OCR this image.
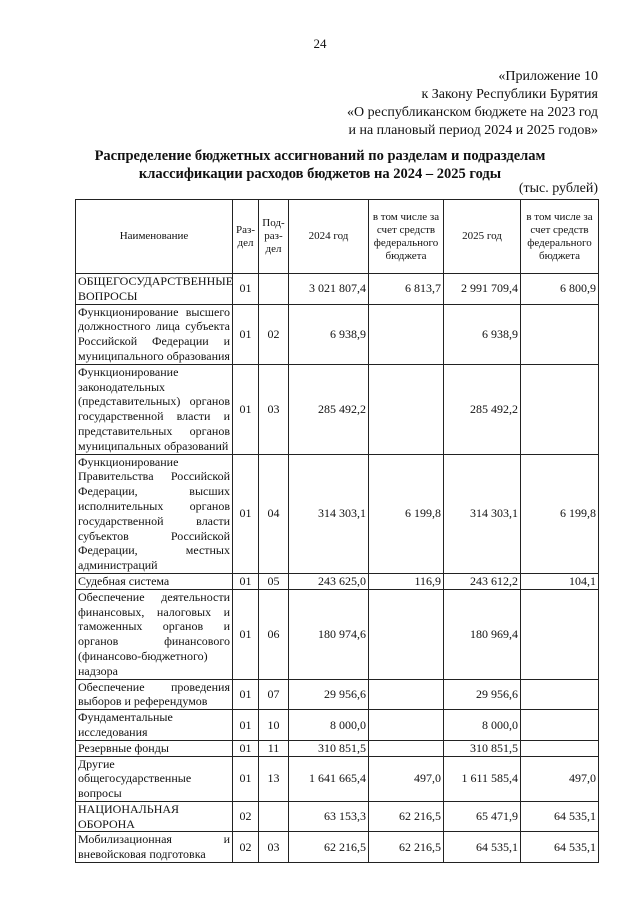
24
«Приложение 10
к Закону Республики Бурятия
«О республиканском бюджете на 2023 год
и на плановый период 2024 и 2025 годов»
Распределение бюджетных ассигнований по разделам и подразделам
классификации расходов бюджетов на 2024 – 2025 годы
(тыс. рублей)
Наименование	Раз-дел	Под-раз-дел	2024 год	в том числе за счет средств федерального бюджета	2025 год	в том числе за счет средств федерального бюджета
ОБЩЕГОСУДАРСТВЕННЫЕ ВОПРОСЫ	01		3 021 807,4	6 813,7	2 991 709,4	6 800,9
Функционирование высшего должностного лица субъекта Российской Федерации и муниципального образования	01	02	6 938,9		6 938,9	
Функционирование законодательных (представительных) органов государственной власти и представительных органов муниципальных образований	01	03	285 492,2		285 492,2	
Функционирование Правительства Российской Федерации, высших исполнительных органов государственной власти субъектов Российской Федерации, местных администраций	01	04	314 303,1	6 199,8	314 303,1	6 199,8
Судебная система	01	05	243 625,0	116,9	243 612,2	104,1
Обеспечение деятельности финансовых, налоговых и таможенных органов и органов финансового (финансово-бюджетного) надзора	01	06	180 974,6		180 969,4	
Обеспечение проведения выборов и референдумов	01	07	29 956,6		29 956,6	
Фундаментальные исследования	01	10	8 000,0		8 000,0	
Резервные фонды	01	11	310 851,5		310 851,5	
Другие общегосударственные вопросы	01	13	1 641 665,4	497,0	1 611 585,4	497,0
НАЦИОНАЛЬНАЯ ОБОРОНА	02		63 153,3	62 216,5	65 471,9	64 535,1
Мобилизационная и вневойсковая подготовка	02	03	62 216,5	62 216,5	64 535,1	64 535,1
